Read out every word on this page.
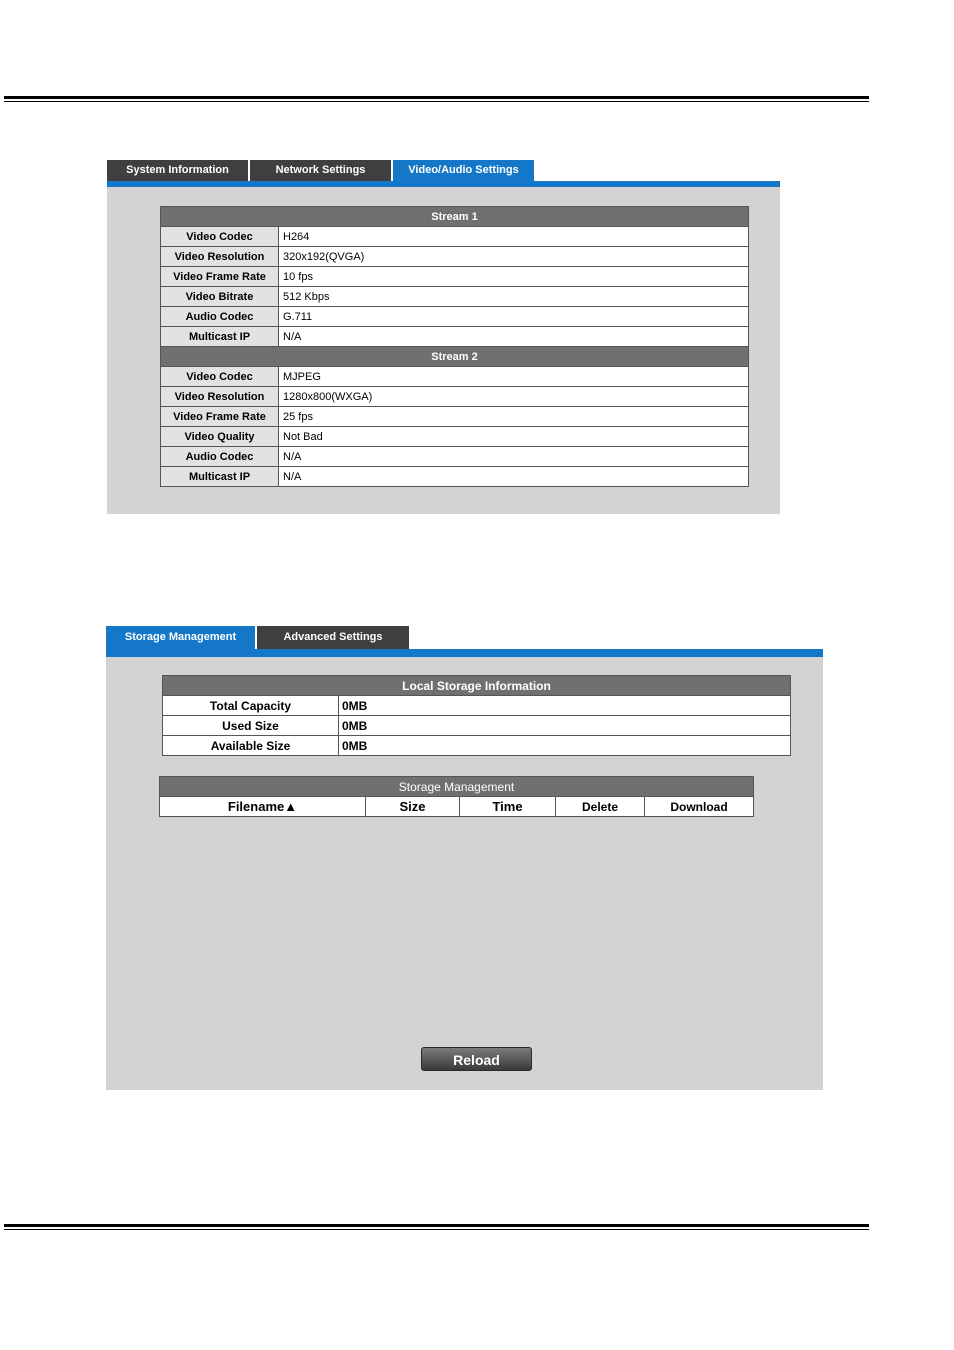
System Information	Network Settings	Video/Audio Settings
Stream 1	
Video Codec	H264
Video Resolution	320x192(QVGA)
Video Frame Rate	10 fps
Video Bitrate	512 Kbps
Audio Codec	G.711
Multicast IP	N/A
Stream 2	
Video Codec	MJPEG
Video Resolution	1280x800(WXGA)
Video Frame Rate	25 fps
Video Quality	Not Bad
Audio Codec	N/A
Multicast IP	N/A
Storage Management	Advanced Settings
Local Storage Information	
Total Capacity	0MB
Used Size	0MB
Available Size	0MB
Storage Management
Filename▲	Size	Time	Delete	Download
Reload
